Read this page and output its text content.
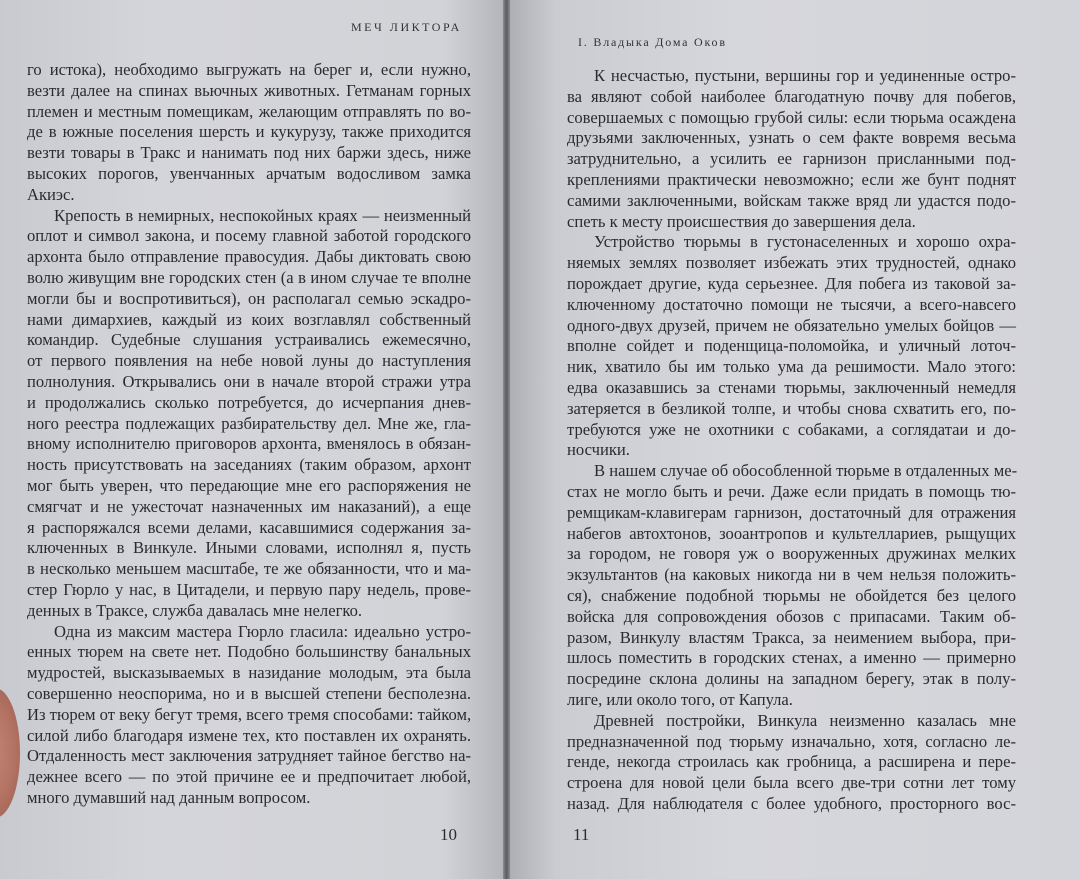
МЕЧ ЛИКТОРА
го истока), необходимо выгружать на берег и, если нужно,
везти далее на спинах вьючных животных. Гетманам горных
племен и местным помещикам, желающим отправлять по во-
де в южные поселения шерсть и кукурузу, также приходится
везти товары в Тракс и нанимать под них баржи здесь, ниже
высоких порогов, увенчанных арчатым водосливом замка
Акиэс.
Крепость в немирных, неспокойных краях — неизменный
оплот и символ закона, и посему главной заботой городского
архонта было отправление правосудия. Дабы диктовать свою
волю живущим вне городских стен (а в ином случае те вполне
могли бы и воспротивиться), он располагал семью эскадро-
нами димархиев, каждый из коих возглавлял собственный
командир. Судебные слушания устраивались ежемесячно,
от первого появления на небе новой луны до наступления
полнолуния. Открывались они в начале второй стражи утра
и продолжались сколько потребуется, до исчерпания днев-
ного реестра подлежащих разбирательству дел. Мне же, гла-
вному исполнителю приговоров архонта, вменялось в обязан-
ность присутствовать на заседаниях (таким образом, архонт
мог быть уверен, что передающие мне его распоряжения не
смягчат и не ужесточат назначенных им наказаний), а еще
я распоряжался всеми делами, касавшимися содержания за-
ключенных в Винкуле. Иными словами, исполнял я, пусть
в несколько меньшем масштабе, те же обязанности, что и ма-
стер Гюрло у нас, в Цитадели, и первую пару недель, прове-
денных в Траксе, служба давалась мне нелегко.
Одна из максим мастера Гюрло гласила: идеально устро-
енных тюрем на свете нет. Подобно большинству банальных
мудростей, высказываемых в назидание молодым, эта была
совершенно неоспорима, но и в высшей степени бесполезна.
Из тюрем от веку бегут тремя, всего тремя способами: тайком,
силой либо благодаря измене тех, кто поставлен их охранять.
Отдаленность мест заключения затрудняет тайное бегство на-
дежнее всего — по этой причине ее и предпочитает любой,
много думавший над данным вопросом.
10
I. Владыка Дома Оков
К несчастью, пустыни, вершины гор и уединенные остро-
ва являют собой наиболее благодатную почву для побегов,
совершаемых с помощью грубой силы: если тюрьма осаждена
друзьями заключенных, узнать о сем факте вовремя весьма
затруднительно, а усилить ее гарнизон присланными под-
креплениями практически невозможно; если же бунт поднят
самими заключенными, войскам также вряд ли удастся подо-
спеть к месту происшествия до завершения дела.
Устройство тюрьмы в густонаселенных и хорошо охра-
няемых землях позволяет избежать этих трудностей, однако
порождает другие, куда серьезнее. Для побега из таковой за-
ключенному достаточно помощи не тысячи, а всего-навсего
одного-двух друзей, причем не обязательно умелых бойцов —
вполне сойдет и поденщица-поломойка, и уличный лоточ-
ник, хватило бы им только ума да решимости. Мало этого:
едва оказавшись за стенами тюрьмы, заключенный немедля
затеряется в безликой толпе, и чтобы снова схватить его, по-
требуются уже не охотники с собаками, а соглядатаи и до-
носчики.
В нашем случае об обособленной тюрьме в отдаленных ме-
стах не могло быть и речи. Даже если придать в помощь тю-
ремщикам-клавигерам гарнизон, достаточный для отражения
набегов автохтонов, зооантропов и культеллариев, рыщущих
за городом, не говоря уж о вооруженных дружинах мелких
экзультантов (на каковых никогда ни в чем нельзя положить-
ся), снабжение подобной тюрьмы не обойдется без целого
войска для сопровождения обозов с припасами. Таким об-
разом, Винкулу властям Тракса, за неимением выбора, при-
шлось поместить в городских стенах, а именно — примерно
посредине склона долины на западном берегу, этак в полу-
лиге, или около того, от Капула.
Древней постройки, Винкула неизменно казалась мне
предназначенной под тюрьму изначально, хотя, согласно ле-
генде, некогда строилась как гробница, а расширена и пере-
строена для новой цели была всего две-три сотни лет тому
назад. Для наблюдателя с более удобного, просторного вос-
11
